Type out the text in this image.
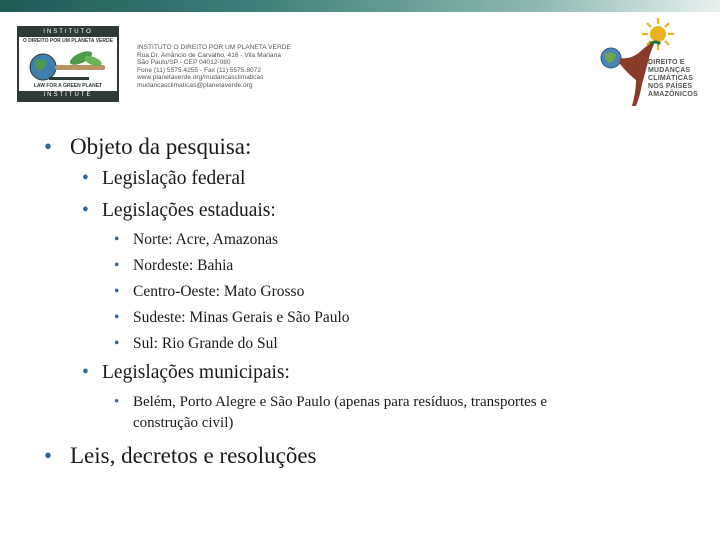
INSTITUTO
O DIREITO POR UM PLANETA VERDE
LAW FOR A GREEN PLANET
INSTITUTE
INSTITUTO O DIREITO POR UM PLANETA VERDE
Rua Dr. Amâncio de Carvalho, 416 - Vila Mariana
São Paulo/SP - CEP 04012-080
Fone (11) 5575.4255 - Fax (11) 5575.8072
www.planetaverde.org/mudancasclimaticas
mudancasclimaticas@planetaverde.org
DIREITO E
MUDANÇAS
CLIMÁTICAS
NOS PAÍSES
AMAZÔNICOS
• Objeto da pesquisa:
• Legislação federal
• Legislações estaduais:
• Norte: Acre, Amazonas
• Nordeste: Bahia
• Centro-Oeste: Mato Grosso
• Sudeste: Minas Gerais e São Paulo
• Sul: Rio Grande do Sul
• Legislações municipais:
• Belém, Porto Alegre e São Paulo (apenas para resíduos, transportes e
construção civil)
• Leis, decretos e resoluções
